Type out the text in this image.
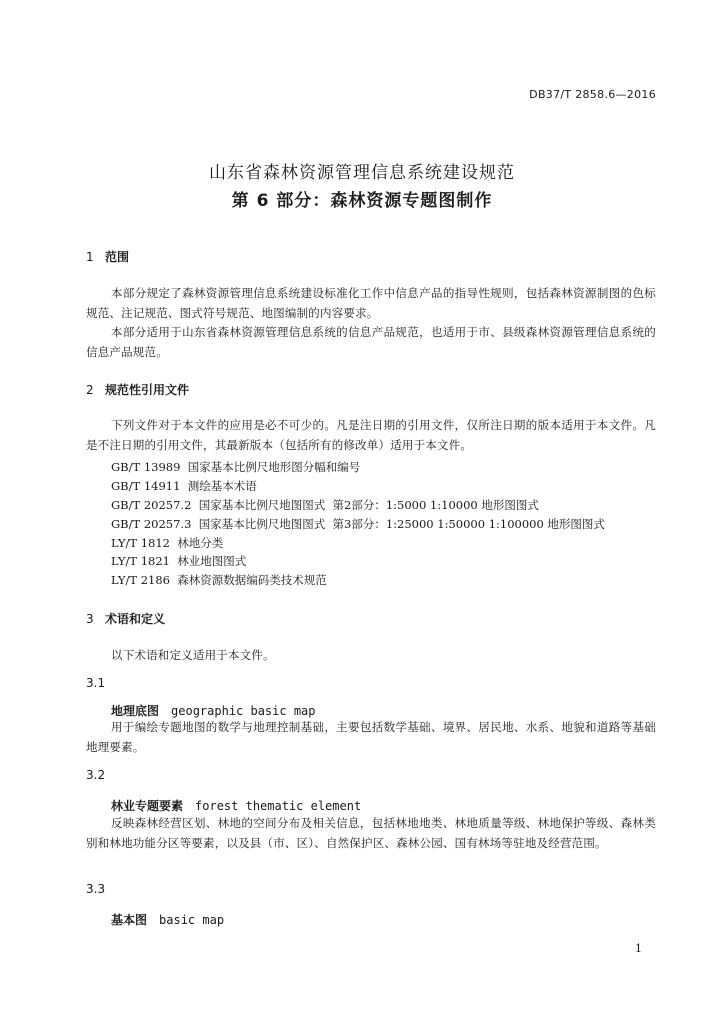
DB37/T 2858.6—2016
山东省森林资源管理信息系统建设规范
第 6 部分：森林资源专题图制作
1 范围
本部分规定了森林资源管理信息系统建设标准化工作中信息产品的指导性规则，包括森林资源制图的色标规范、注记规范、图式符号规范、地图编制的内容要求。
本部分适用于山东省森林资源管理信息系统的信息产品规范，也适用于市、县级森林资源管理信息系统的信息产品规范。
2 规范性引用文件
下列文件对于本文件的应用是必不可少的。凡是注日期的引用文件，仅所注日期的版本适用于本文件。凡是不注日期的引用文件，其最新版本（包括所有的修改单）适用于本文件。
GB/T 13989  国家基本比例尺地形图分幅和编号
GB/T 14911  测绘基本术语
GB/T 20257.2  国家基本比例尺地图图式  第2部分：1:5000 1:10000 地形图图式
GB/T 20257.3  国家基本比例尺地图图式  第3部分：1:25000 1:50000 1:100000 地形图图式
LY/T 1812  林地分类
LY/T 1821  林业地图图式
LY/T 2186  森林资源数据编码类技术规范
3 术语和定义
以下术语和定义适用于本文件。
3.1
地理底图 geographic basic map
用于编绘专题地图的数学与地理控制基础，主要包括数学基础、境界、居民地、水系、地貌和道路等基础地理要素。
3.2
林业专题要素 forest thematic element
反映森林经营区划、林地的空间分布及相关信息，包括林地地类、林地质量等级、林地保护等级、森林类别和林地功能分区等要素，以及县（市、区）、自然保护区、森林公园、国有林场等驻地及经营范围。
3.3
基本图 basic map
1
